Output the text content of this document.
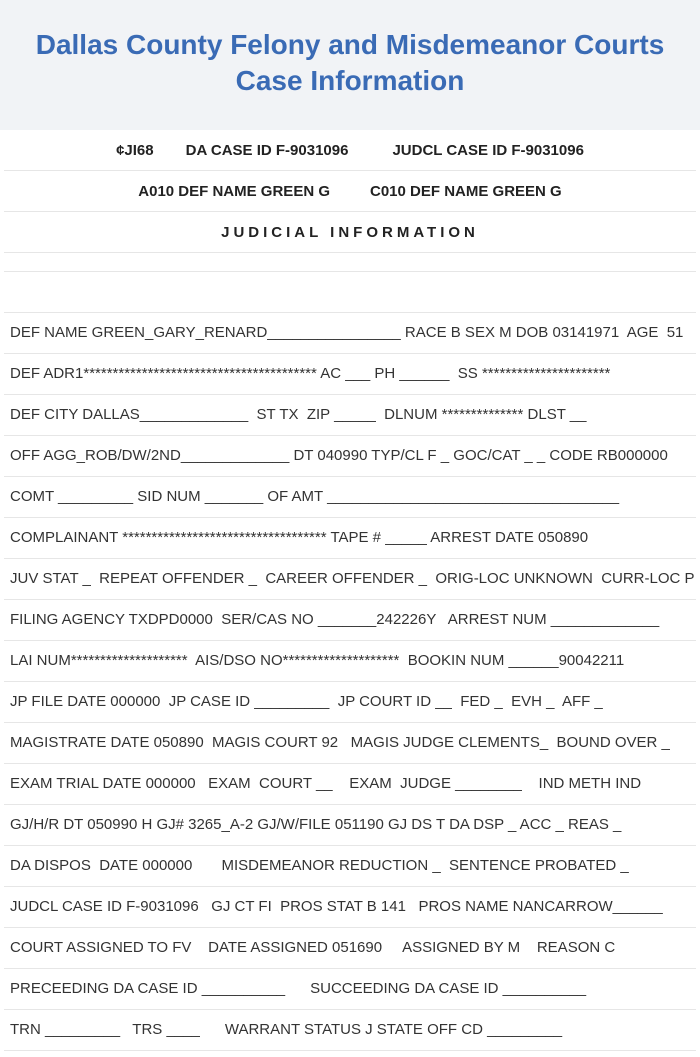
Dallas County Felony and Misdemeanor Courts
Case Information
¢JI68 DA CASE ID F-9031096	JUDCL CASE ID F-9031096
A010 DEF NAME GREEN G	C010 DEF NAME GREEN G
JUDICIAL INFORMATION

DEF NAME GREEN_GARY_RENARD________________ RACE B SEX M DOB 03141971  AGE  51
DEF ADR1**************************************** AC ___ PH ______  SS **********************
DEF CITY DALLAS_____________  ST TX  ZIP _____  DLNUM ************** DLST __
OFF AGG_ROB/DW/2ND_____________ DT 040990 TYP/CL F _ GOC/CAT _ _ CODE RB000000
COMT _________ SID NUM _______ OF AMT ___________________________________
COMPLAINANT *********************************** TAPE # _____ ARREST DATE 050890
JUV STAT _  REPEAT OFFENDER _  CAREER OFFENDER _  ORIG-LOC UNKNOWN  CURR-LOC P
FILING AGENCY TXDPD0000  SER/CAS NO _______242226Y   ARREST NUM _____________
LAI NUM********************  AIS/DSO NO********************  BOOKIN NUM ______90042211
JP FILE DATE 000000  JP CASE ID _________  JP COURT ID __  FED _  EVH _  AFF _
MAGISTRATE DATE 050890  MAGIS COURT 92   MAGIS JUDGE CLEMENTS_  BOUND OVER _
EXAM TRIAL DATE 000000   EXAM  COURT __    EXAM  JUDGE ________    IND METH IND
GJ/H/R DT 050990 H GJ# 3265_A-2 GJ/W/FILE 051190 GJ DS T DA DSP _ ACC _ REAS _
DA DISPOS  DATE 000000       MISDEMEANOR REDUCTION _  SENTENCE PROBATED _
JUDCL CASE ID F-9031096   GJ CT FI  PROS STAT B 141   PROS NAME NANCARROW______
COURT ASSIGNED TO FV    DATE ASSIGNED 051690     ASSIGNED BY M    REASON C
PRECEEDING DA CASE ID __________      SUCCEEDING DA CASE ID __________
TRN _________   TRS ____      WARRANT STATUS J STATE OFF CD _________
